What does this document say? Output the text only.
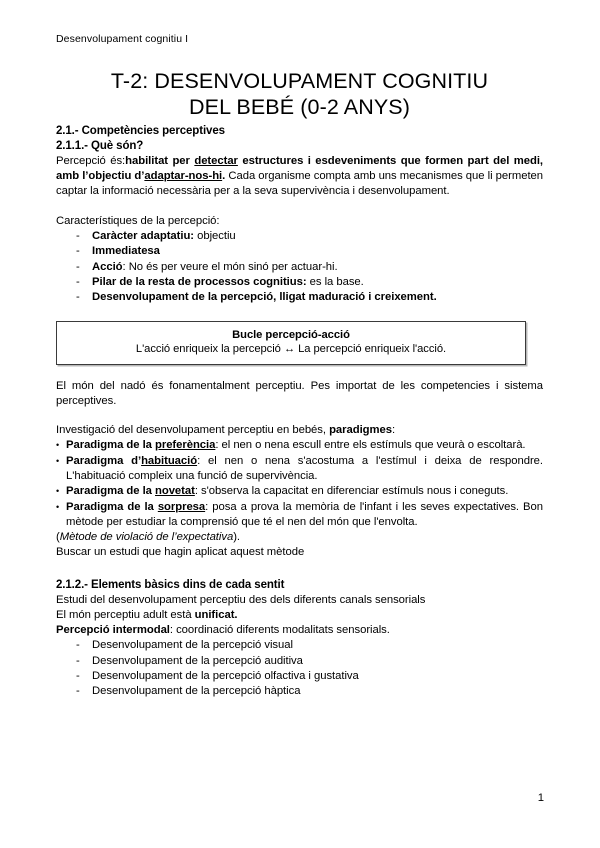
Desenvolupament cognitiu I
T-2: DESENVOLUPAMENT COGNITIU
DEL BEBÉ (0-2 ANYS)
2.1.- Competències perceptives
2.1.1.- Què són?

Percepció és:habilitat per detectar estructures i esdeveniments que formen part del medi, amb l’objectiu d’adaptar-nos-hi. Cada organisme compta amb uns mecanismes que li permeten captar la informació necessària per a la seva supervivència i desenvolupament.

Característiques de la percepció:

- Caràcter adaptatiu: objectiu
- Immediatesa
- Acció: No és per veure el món sinó per actuar-hi.
- Pilar de la resta de processos cognitius: es la base.
- Desenvolupament de la percepció, lligat maduració i creixement.
Bucle percepció-acció
L'acció enriqueix la percepció ↔ La percepció enriqueix l'acció.

El món del nadó és fonamentalment perceptiu. Pes importat de les competencies i sistema perceptives.

Investigació del desenvolupament perceptiu en bebés, paradigmes:

• Paradigma de la preferència: el nen o nena escull entre els estímuls que veurà o escoltarà.
• Paradigma d’habituació: el nen o nena s'acostuma a l'estímul i deixa de respondre. L'habituació compleix una funció de supervivència.
• Paradigma de la novetat: s'observa la capacitat en diferenciar estímuls nous i coneguts.
• Paradigma de la sorpresa: posa a prova la memòria de l'infant i les seves expectatives. Bon mètode per estudiar la comprensió que té el nen del món que l'envolta.

(Mètode de violació de l’expectativa).

Buscar un estudi que hagin aplicat aquest mètode

2.1.2.- Elements bàsics dins de cada sentit

Estudi del desenvolupament perceptiu des dels diferents canals sensorials

El món perceptiu adult està unificat.

Percepció intermodal: coordinació diferents modalitats sensorials.

- Desenvolupament de la percepció visual
- Desenvolupament de la percepció auditiva
- Desenvolupament de la percepció olfactiva i gustativa
- Desenvolupament de la percepció hàptica
1
